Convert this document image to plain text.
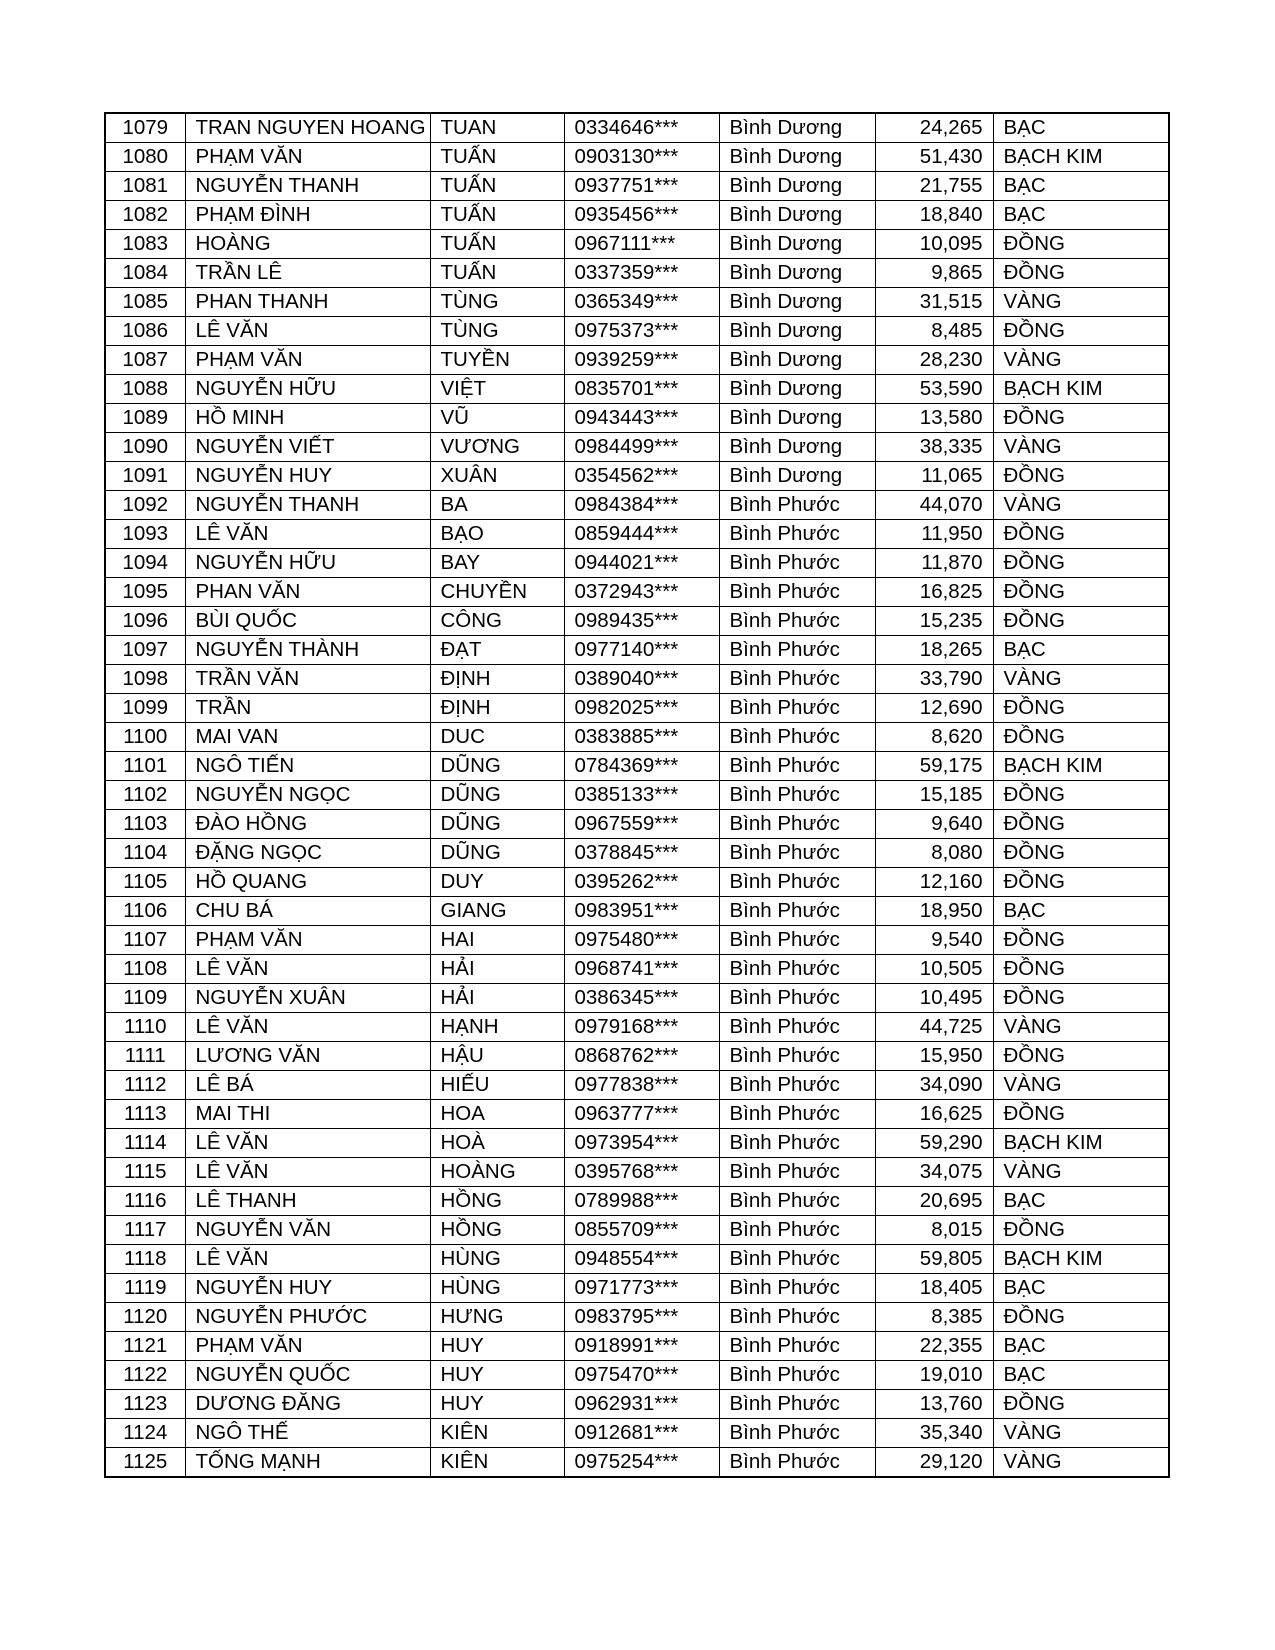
1079	TRAN NGUYEN HOANG	TUAN	0334646***	Bình Dương	24,265	BẠC
1080	PHẠM VĂN	TUẤN	0903130***	Bình Dương	51,430	BẠCH KIM
1081	NGUYỄN THANH	TUẤN	0937751***	Bình Dương	21,755	BẠC
1082	PHẠM ĐÌNH	TUẤN	0935456***	Bình Dương	18,840	BẠC
1083	HOÀNG	TUẤN	0967111***	Bình Dương	10,095	ĐỒNG
1084	TRẦN LÊ	TUẤN	0337359***	Bình Dương	9,865	ĐỒNG
1085	PHAN THANH	TÙNG	0365349***	Bình Dương	31,515	VÀNG
1086	LÊ VĂN	TÙNG	0975373***	Bình Dương	8,485	ĐỒNG
1087	PHẠM VĂN	TUYỀN	0939259***	Bình Dương	28,230	VÀNG
1088	NGUYỄN HỮU	VIỆT	0835701***	Bình Dương	53,590	BẠCH KIM
1089	HỒ MINH	VŨ	0943443***	Bình Dương	13,580	ĐỒNG
1090	NGUYỄN VIẾT	VƯƠNG	0984499***	Bình Dương	38,335	VÀNG
1091	NGUYỄN HUY	XUÂN	0354562***	Bình Dương	11,065	ĐỒNG
1092	NGUYỄN THANH	BA	0984384***	Bình Phước	44,070	VÀNG
1093	LÊ VĂN	BẠO	0859444***	Bình Phước	11,950	ĐỒNG
1094	NGUYỄN HỮU	BAY	0944021***	Bình Phước	11,870	ĐỒNG
1095	PHAN VĂN	CHUYỀN	0372943***	Bình Phước	16,825	ĐỒNG
1096	BÙI QUỐC	CÔNG	0989435***	Bình Phước	15,235	ĐỒNG
1097	NGUYỄN THÀNH	ĐẠT	0977140***	Bình Phước	18,265	BẠC
1098	TRẦN VĂN	ĐỊNH	0389040***	Bình Phước	33,790	VÀNG
1099	TRẦN	ĐỊNH	0982025***	Bình Phước	12,690	ĐỒNG
1100	MAI VAN	DUC	0383885***	Bình Phước	8,620	ĐỒNG
1101	NGÔ TIẾN	DŨNG	0784369***	Bình Phước	59,175	BẠCH KIM
1102	NGUYỄN NGỌC	DŨNG	0385133***	Bình Phước	15,185	ĐỒNG
1103	ĐÀO HỒNG	DŨNG	0967559***	Bình Phước	9,640	ĐỒNG
1104	ĐẶNG NGỌC	DŨNG	0378845***	Bình Phước	8,080	ĐỒNG
1105	HỒ QUANG	DUY	0395262***	Bình Phước	12,160	ĐỒNG
1106	CHU BÁ	GIANG	0983951***	Bình Phước	18,950	BẠC
1107	PHẠM VĂN	HAI	0975480***	Bình Phước	9,540	ĐỒNG
1108	LÊ VĂN	HẢI	0968741***	Bình Phước	10,505	ĐỒNG
1109	NGUYỄN XUÂN	HẢI	0386345***	Bình Phước	10,495	ĐỒNG
1110	LÊ VĂN	HẠNH	0979168***	Bình Phước	44,725	VÀNG
1111	LƯƠNG VĂN	HẬU	0868762***	Bình Phước	15,950	ĐỒNG
1112	LÊ BÁ	HIẾU	0977838***	Bình Phước	34,090	VÀNG
1113	MAI THI	HOA	0963777***	Bình Phước	16,625	ĐỒNG
1114	LÊ VĂN	HOÀ	0973954***	Bình Phước	59,290	BẠCH KIM
1115	LÊ VĂN	HOÀNG	0395768***	Bình Phước	34,075	VÀNG
1116	LÊ THANH	HỒNG	0789988***	Bình Phước	20,695	BẠC
1117	NGUYỄN VĂN	HỒNG	0855709***	Bình Phước	8,015	ĐỒNG
1118	LÊ VĂN	HÙNG	0948554***	Bình Phước	59,805	BẠCH KIM
1119	NGUYỄN HUY	HÙNG	0971773***	Bình Phước	18,405	BẠC
1120	NGUYỄN PHƯỚC	HƯNG	0983795***	Bình Phước	8,385	ĐỒNG
1121	PHẠM VĂN	HUY	0918991***	Bình Phước	22,355	BẠC
1122	NGUYỄN QUỐC	HUY	0975470***	Bình Phước	19,010	BẠC
1123	DƯƠNG ĐĂNG	HUY	0962931***	Bình Phước	13,760	ĐỒNG
1124	NGÔ THẾ	KIÊN	0912681***	Bình Phước	35,340	VÀNG
1125	TỐNG MẠNH	KIÊN	0975254***	Bình Phước	29,120	VÀNG
